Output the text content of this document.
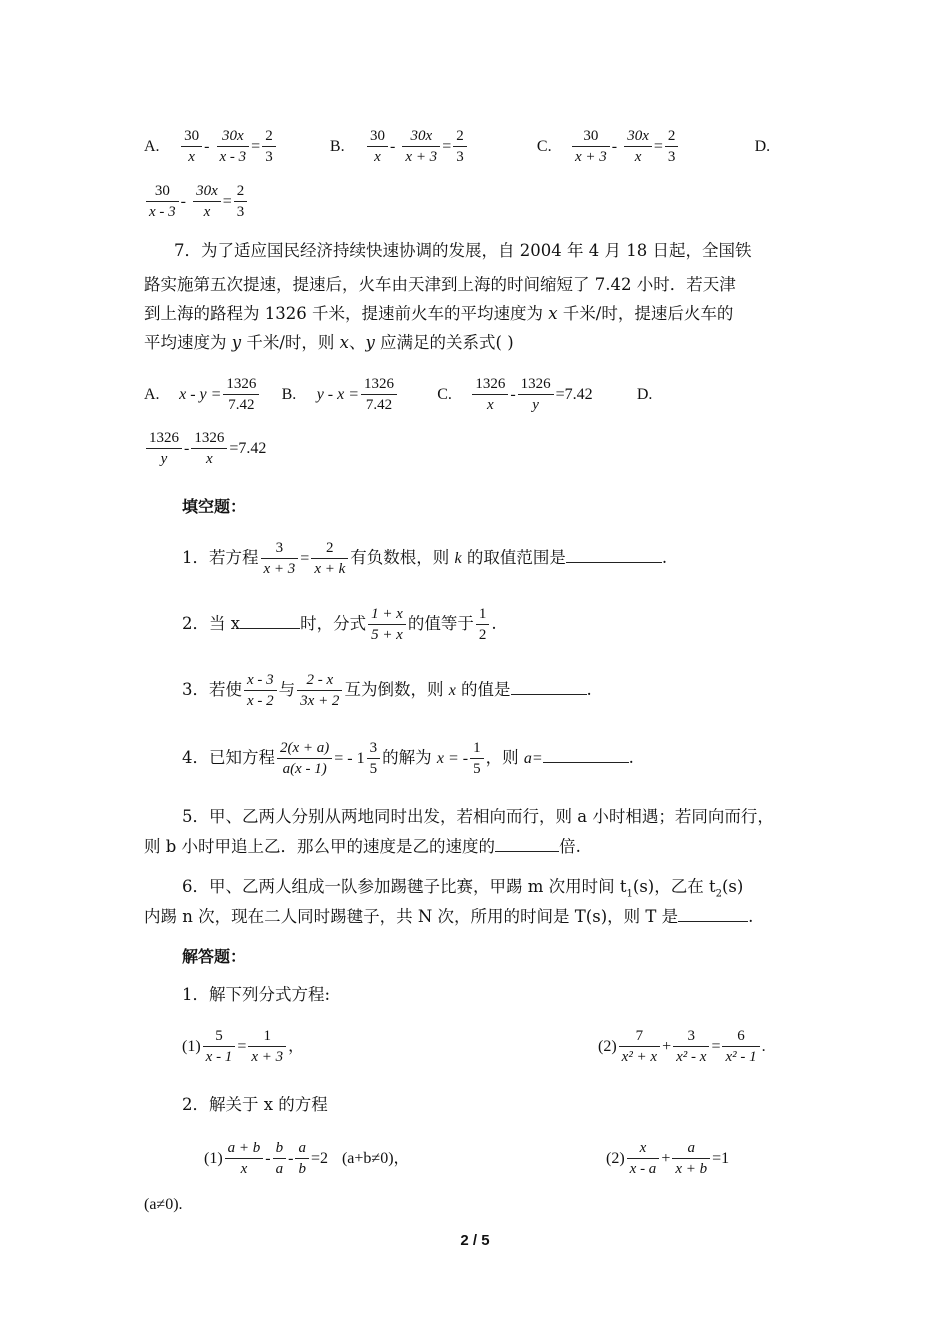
A. $\frac{30}{x} - \frac{30x}{x - 3} = \frac{2}{3}$	B. $\frac{30}{x} - \frac{30x}{x + 3} = \frac{2}{3}$	C. $\frac{30}{x + 3} - \frac{30x}{x} = \frac{2}{3}$	D.
$\frac{30}{x - 3} - \frac{30x}{x} = \frac{2}{3}$
7．为了适应国民经济持续快速协调的发展，自 2004 年 4 月 18 日起，全国铁
路实施第五次提速，提速后，火车由天津到上海的时间缩短了 7.42 小时．若天津
到上海的路程为 1326 千米，提速前火车的平均速度为 x 千米/时，提速后火车的
平均速度为 y 千米/时，则 x、y 应满足的关系式( )
A. $x - y = \frac{1326}{7.42} B$. $y - x = \frac{1326}{7.42}$	C. $\frac{1326}{x} - \frac{1326}{y} =7.42$	D.
$\frac{1326}{y} - \frac{1326}{x} =7.42$
填空题：
1．若方程 $\frac{3}{x + 3} = \frac{2}{x + k}$ 有负数根，则 k 的取值范围是	.
2．当 x	时，分式 $\frac{1 + x}{5 + x}$ 的值等于 $\frac{1}{2}$ .
3．若使 $\frac{x - 3}{x - 2}$ 与 $\frac{2 - x}{3x + 2}$ 互为倒数，则 x 的值是	.
4．已知方程 $\frac{2(x + a)}{a(x - 1)}$ = - $1 \frac{3}{5}$ 的解为 x = - $\frac{1}{5}$ ，则 a=	.
5．甲、乙两人分别从两地同时出发，若相向而行，则 a 小时相遇；若同向而行，
则 b 小时甲追上乙．那么甲的速度是乙的速度的	倍.
6．甲、乙两人组成一队参加踢毽子比赛，甲踢 m 次用时间 $t_1(s)$，乙在 $t_2(s)$
内踢 n 次，现在二人同时踢毽子，共 N 次，所用的时间是 T(s)，则 T 是	.
解答题：
1．解下列分式方程:
$(1) \frac{5}{x - 1} = \frac{1}{x + 3}$ ，	$(2) \frac{7}{\text{x² + x}} + \frac{3}{\text{x² - x}} = \frac{6}{\text{x² - 1}}$ .
2．解关于 x 的方程
$(1) \frac{a + b}{x} - \frac{b}{a} - \frac{a}{b} =2$ (a+b≠0)，	$(2) \frac{x}{x - a} + \frac{a}{x + b} =1$
(a≠0).
2 / 5
